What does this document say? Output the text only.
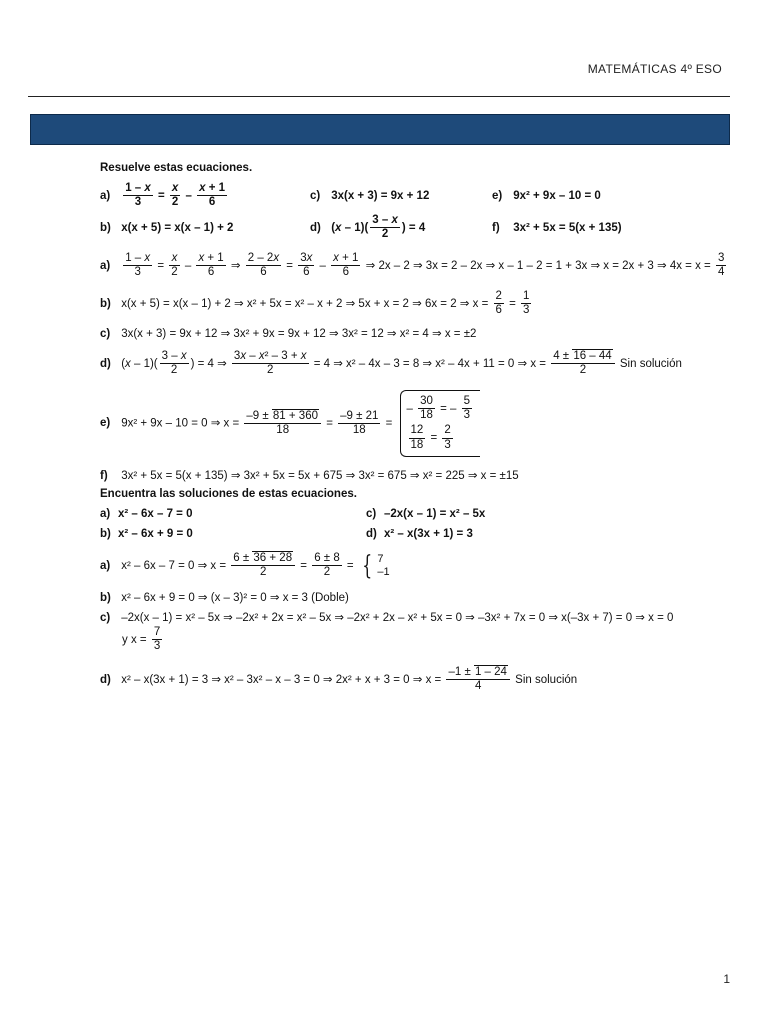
MATEMÁTICAS 4º ESO
Resuelve estas ecuaciones.
$a) \frac{1 - x}{3} = \frac{x}{2} - \frac{x + 1}{6}$	c) 3x(x + 3) = 9x + 12	e) 9x² + 9x – 10 = 0
b) x(x + 5) = x(x – 1) + 2	d) $(x - 1)( \frac{3 - x}{2}$ ) = 4	f) 3x² + 5x = 5(x + 135)
$a) \frac{1 - x}{3} = \frac{x}{2} - \frac{x + 1}{6}$ ⇒ $\frac{2 - 2x}{6} = \frac{3x}{6} - \frac{x + 1}{6}$ ⇒ 2x – 2 ⇒ 3x = 2 – 2x ⇒ x – 1 – 2 = 1 + 3x ⇒ x = 2x + 3 ⇒ $4x = x = \frac{3}{4}$
b) x(x + 5) = x(x – 1) + 2 ⇒ x² + 5x = x² – x + 2 ⇒ 5x + x = 2 ⇒ 6x = 2 ⇒ $x = \frac{2}{6} = \frac{1}{3}$
c) 3x(x + 3) = 9x + 12 ⇒ 3x² + 9x = 9x + 12 ⇒ 3x² = 12 ⇒ x² = 4 ⇒ x = ±2
d) $(x - 1)( \frac{3 - x}{2}$ ) = 4 ⇒ $\frac{\text{3x – x² – 3 + x}}{2} = 4$ ⇒ x² – 4x – 3 = 8 ⇒ x² – 4x + 11 = 0 ⇒ $x = \frac{4 \pm 16 - 44}{2}$ Sin solución
e) 9x² + 9x – 10 = 0 ⇒ $x = \frac{-9 \pm 81 + 360}{18} = \frac{-9 \pm 21}{18}$ =
– $\frac{30}{18}$ = – $\frac{5}{3}$
$\frac{12}{18} = \frac{2}{3}$
f) 3x² + 5x = 5(x + 135) ⇒ 3x² + 5x = 5x + 675 ⇒ 3x² = 675 ⇒ x² = 225 ⇒ x = ±15
Encuentra las soluciones de estas ecuaciones.
a) x² – 6x – 7 = 0	c) –2x(x – 1) = x² – 5x
b) x² – 6x + 9 = 0	d) x² – x(3x + 1) = 3
a) x² – 6x – 7 = 0 ⇒ $x = \frac{6 \pm 36 + 28}{2} = \frac{6 \pm 8}{2}$ = { 7
–1
b) x² – 6x + 9 = 0 ⇒ (x – 3)² = 0 ⇒ x = 3 (Doble)
c) –2x(x – 1) = x² – 5x ⇒ –2x² + 2x = x² – 5x ⇒ –2x² + 2x – x² + 5x = 0 ⇒ –3x² + 7x = 0 ⇒ x(–3x + 7) = 0 ⇒ x = 0
y $x = \frac{7}{3}$
d) x² – x(3x + 1) = 3 ⇒ x² – 3x² – x – 3 = 0 ⇒ 2x² + x + 3 = 0 ⇒ $x = \frac{-1 \pm 1 - 24}{4}$ Sin solución
1
